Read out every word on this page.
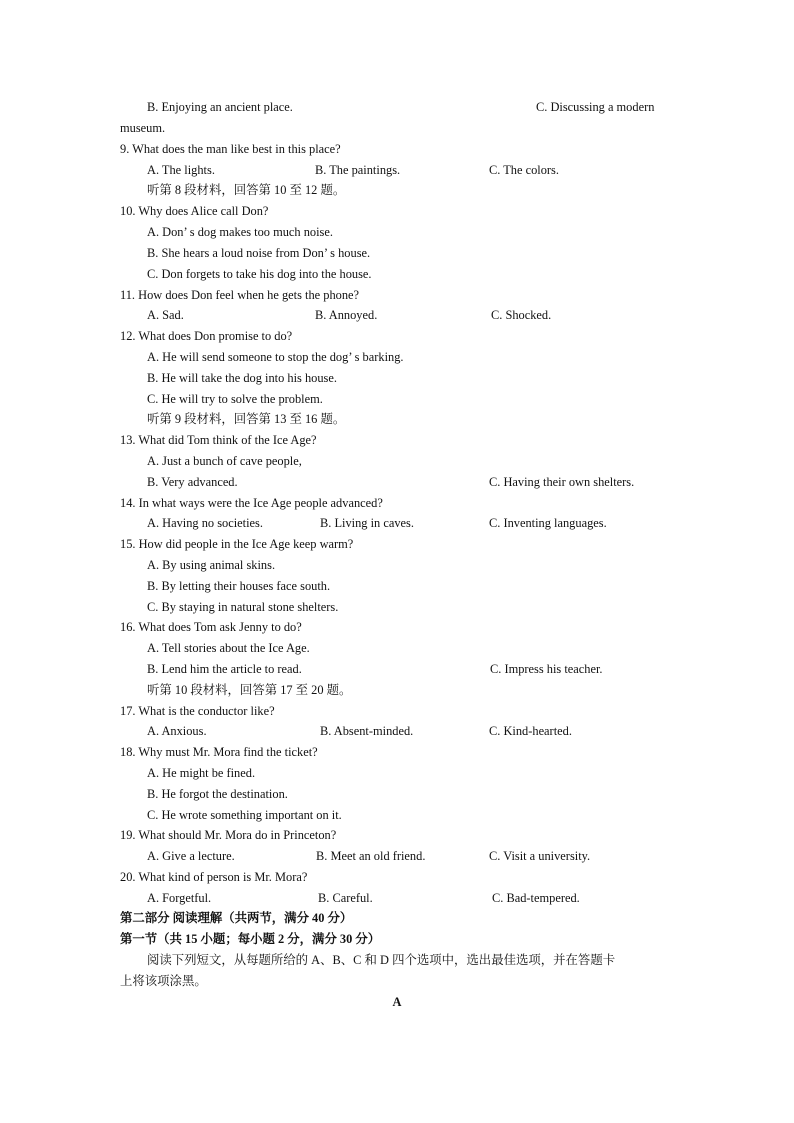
B. Enjoying an ancient place.	C. Discussing a modern
museum.
9. What does the man like best in this place?
A. The lights.	B. The paintings.	C. The colors.
听第 8 段材料，回答第 10 至 12 题。
10. Why does Alice call Don?
A. Don’ s dog makes too much noise.
B. She hears a loud noise from Don’ s house.
C. Don forgets to take his dog into the house.
11. How does Don feel when he gets the phone?
A. Sad.	B. Annoyed.	C. Shocked.
12. What does Don promise to do?
A. He will send someone to stop the dog’ s barking.
B. He will take the dog into his house.
C. He will try to solve the problem.
听第 9 段材料，回答第 13 至 16 题。
13. What did Tom think of the Ice Age?
A. Just a bunch of cave people,
B. Very advanced.	C. Having their own shelters.
14. In what ways were the Ice Age people advanced?
A. Having no societies.	B. Living in caves.	C. Inventing languages.
15. How did people in the Ice Age keep warm?
A. By using animal skins.
B. By letting their houses face south.
C. By staying in natural stone shelters.
16. What does Tom ask Jenny to do?
A. Tell stories about the Ice Age.
B. Lend him the article to read.	C. Impress his teacher.
听第 10 段材料，回答第 17 至 20 题。
17. What is the conductor like?
A. Anxious.	B. Absent-minded.	C. Kind-hearted.
18. Why must Mr. Mora find the ticket?
A. He might be fined.
B. He forgot the destination.
C. He wrote something important on it.
19. What should Mr. Mora do in Princeton?
A. Give a lecture.	B. Meet an old friend.	C. Visit a university.
20. What kind of person is Mr. Mora?
A. Forgetful.	B. Careful.	C. Bad-tempered.
第二部分 阅读理解（共两节，满分 40 分）
第一节（共 15 小题；每小题 2 分，满分 30 分）
阅读下列短文，从每题所给的 A、B、C 和 D 四个选项中，选出最佳选项，并在答题卡
上将该项涂黑。
A
